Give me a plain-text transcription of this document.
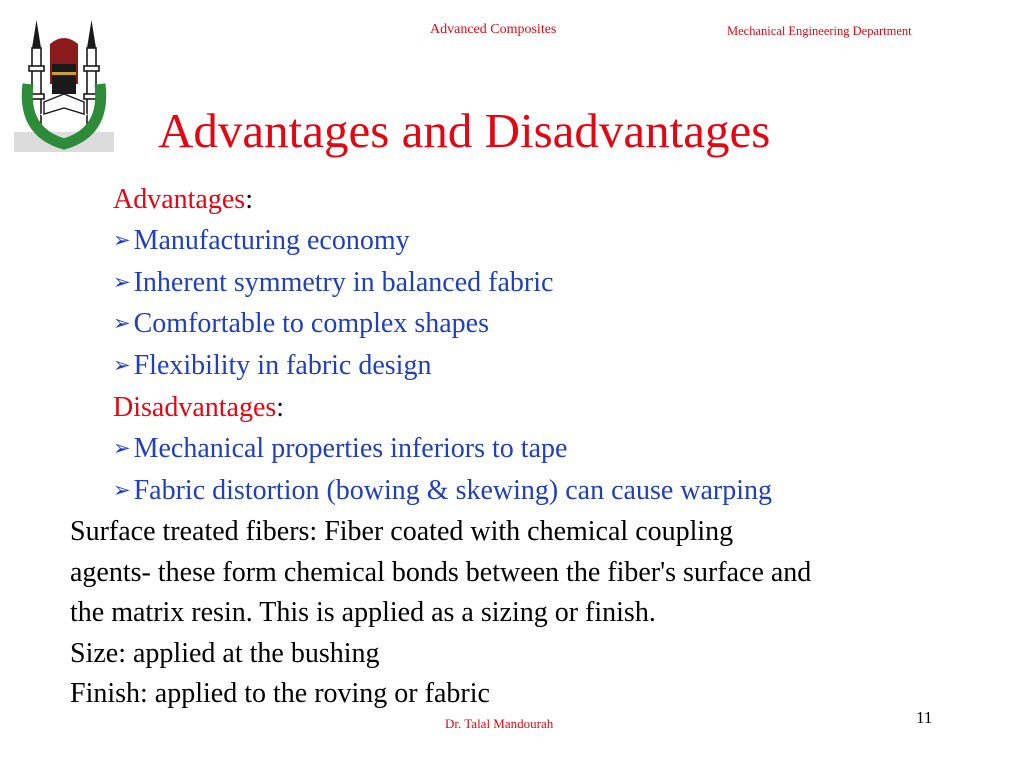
Advanced Composites	Mechanical Engineering Department
Advantages and Disadvantages
Advantages:
➢ Manufacturing economy
➢ Inherent symmetry in balanced fabric
➢ Comfortable to complex shapes
➢ Flexibility in fabric design
Disadvantages:
➢ Mechanical properties inferiors to tape
➢ Fabric distortion (bowing & skewing) can cause warping
Surface treated fibers: Fiber coated with chemical coupling
agents- these form chemical bonds between the fiber's surface and
the matrix resin. This is applied as a sizing or finish.
Size: applied at the bushing
Finish: applied to the roving or fabric
Dr. Talal Mandourah	11
